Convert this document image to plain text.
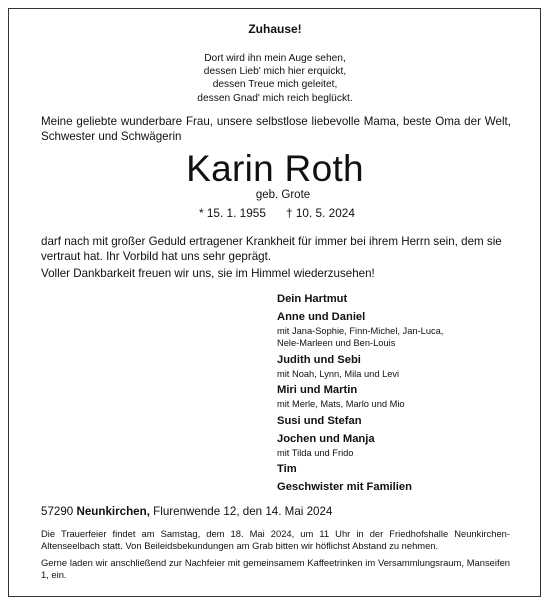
Zuhause!
Dort wird ihn mein Auge sehen,
dessen Lieb' mich hier erquickt,
dessen Treue mich geleitet,
dessen Gnad' mich reich beglückt.
Meine geliebte wunderbare Frau, unsere selbstlose liebevolle Mama, beste Oma der Welt, Schwester und Schwägerin
Karin Roth
geb. Grote
* 15. 1. 1955 † 10. 5. 2024
darf nach mit großer Geduld ertragener Krankheit für immer bei ihrem Herrn sein, dem sie vertraut hat. Ihr Vorbild hat uns sehr geprägt.
Voller Dankbarkeit freuen wir uns, sie im Himmel wiederzusehen!
Dein Hartmut
Anne und Daniel
mit Jana-Sophie, Finn-Michel, Jan-Luca,
Nele-Marleen und Ben-Louis
Judith und Sebi
mit Noah, Lynn, Mila und Levi
Miri und Martin
mit Merle, Mats, Marlo und Mio
Susi und Stefan
Jochen und Manja
mit Tilda und Frido
Tim
Geschwister mit Familien
57290 Neunkirchen, Flurenwende 12, den 14. Mai 2024
Die Trauerfeier findet am Samstag, dem 18. Mai 2024, um 11 Uhr in der Friedhofshalle Neunkirchen-Altenseelbach statt. Von Beileidsbekundungen am Grab bitten wir höflichst Abstand zu nehmen.
Gerne laden wir anschließend zur Nachfeier mit gemeinsamem Kaffeetrinken im Versammlungsraum, Manseifen 1, ein.
